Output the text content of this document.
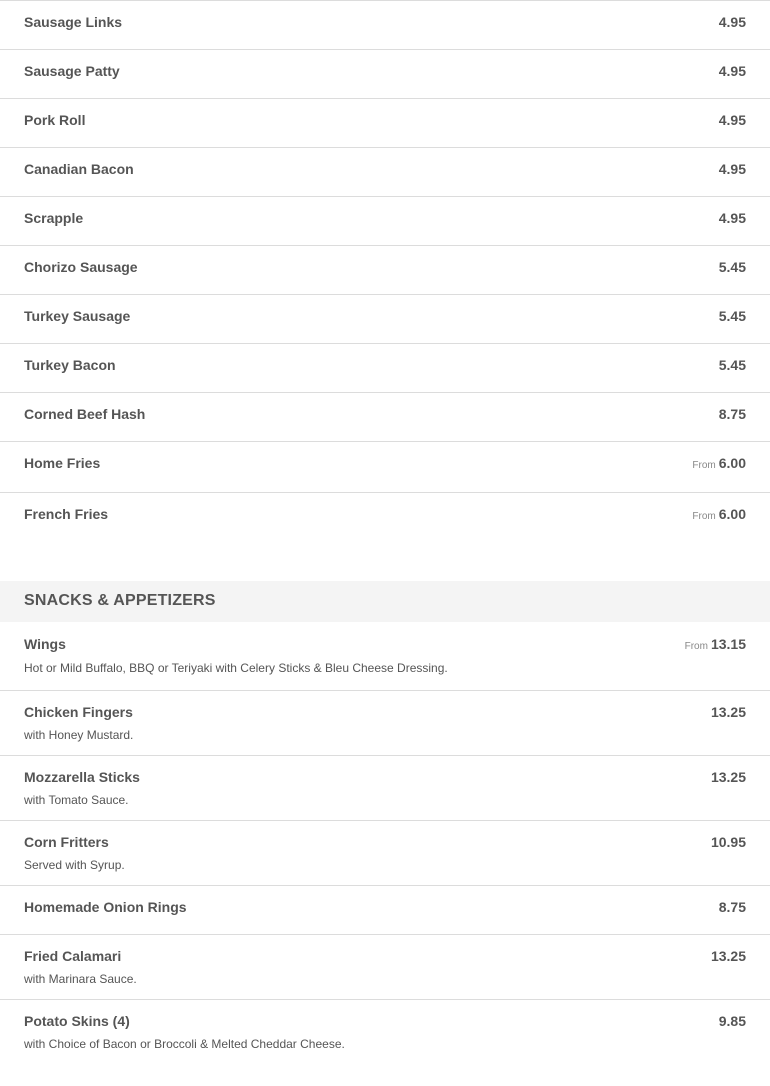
Sausage Links	4.95
Sausage Patty	4.95
Pork Roll	4.95
Canadian Bacon	4.95
Scrapple	4.95
Chorizo Sausage	5.45
Turkey Sausage	5.45
Turkey Bacon	5.45
Corned Beef Hash	8.75
Home Fries	From 6.00
French Fries	From 6.00
SNACKS & APPETIZERS
Wings	From 13.15
Hot or Mild Buffalo, BBQ or Teriyaki with Celery Sticks & Bleu Cheese Dressing.
Chicken Fingers	13.25
with Honey Mustard.
Mozzarella Sticks	13.25
with Tomato Sauce.
Corn Fritters	10.95
Served with Syrup.
Homemade Onion Rings	8.75
Fried Calamari	13.25
with Marinara Sauce.
Potato Skins (4)	9.85
with Choice of Bacon or Broccoli & Melted Cheddar Cheese.
